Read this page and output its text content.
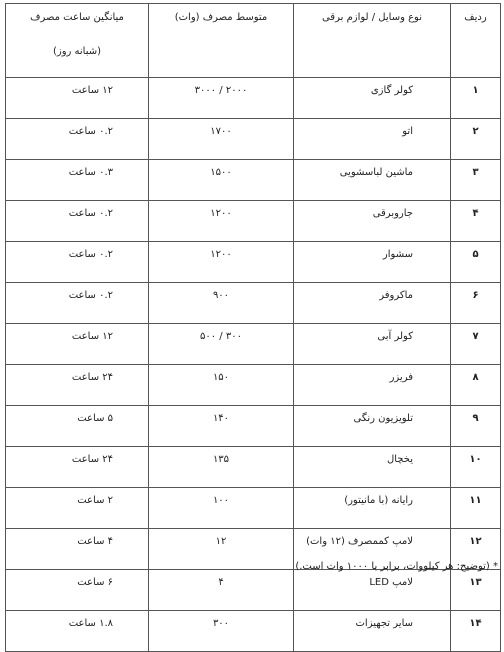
ردیف	نوع وسایل / لوازم برقی	متوسط مصرف (وات)	میانگین ساعت مصرف
(شبانه روز)

۱	کولر گازی	۲۰۰۰ / ۳۰۰۰	۱۲ ساعت
۲	اتو	۱۷۰۰	۰.۲ ساعت
۳	ماشین لباسشویی	۱۵۰۰	۰.۳ ساعت
۴	جاروبرقی	۱۲۰۰	۰.۲ ساعت
۵	سشوار	۱۲۰۰	۰.۲ ساعت
۶	ماکروفر	۹۰۰	۰.۲ ساعت
۷	کولر آبی	۳۰۰ / ۵۰۰	۱۲ ساعت
۸	فریزر	۱۵۰	۲۴ ساعت
۹	تلویزیون رنگی	۱۴۰	۵ ساعت
۱۰	یخچال	۱۳۵	۲۴ ساعت
۱۱	رایانه (با مانیتور)	۱۰۰	۲ ساعت
۱۲	لامپ کممصرف (۱۲ وات)	۱۲	۴ ساعت
۱۳	لامپ LED	۴	۶ ساعت
۱۴	سایر تجهیزات	۳۰۰	۱.۸ ساعت
* (توضیح: هر کیلووات، برابر با ۱۰۰۰ وات است.)
